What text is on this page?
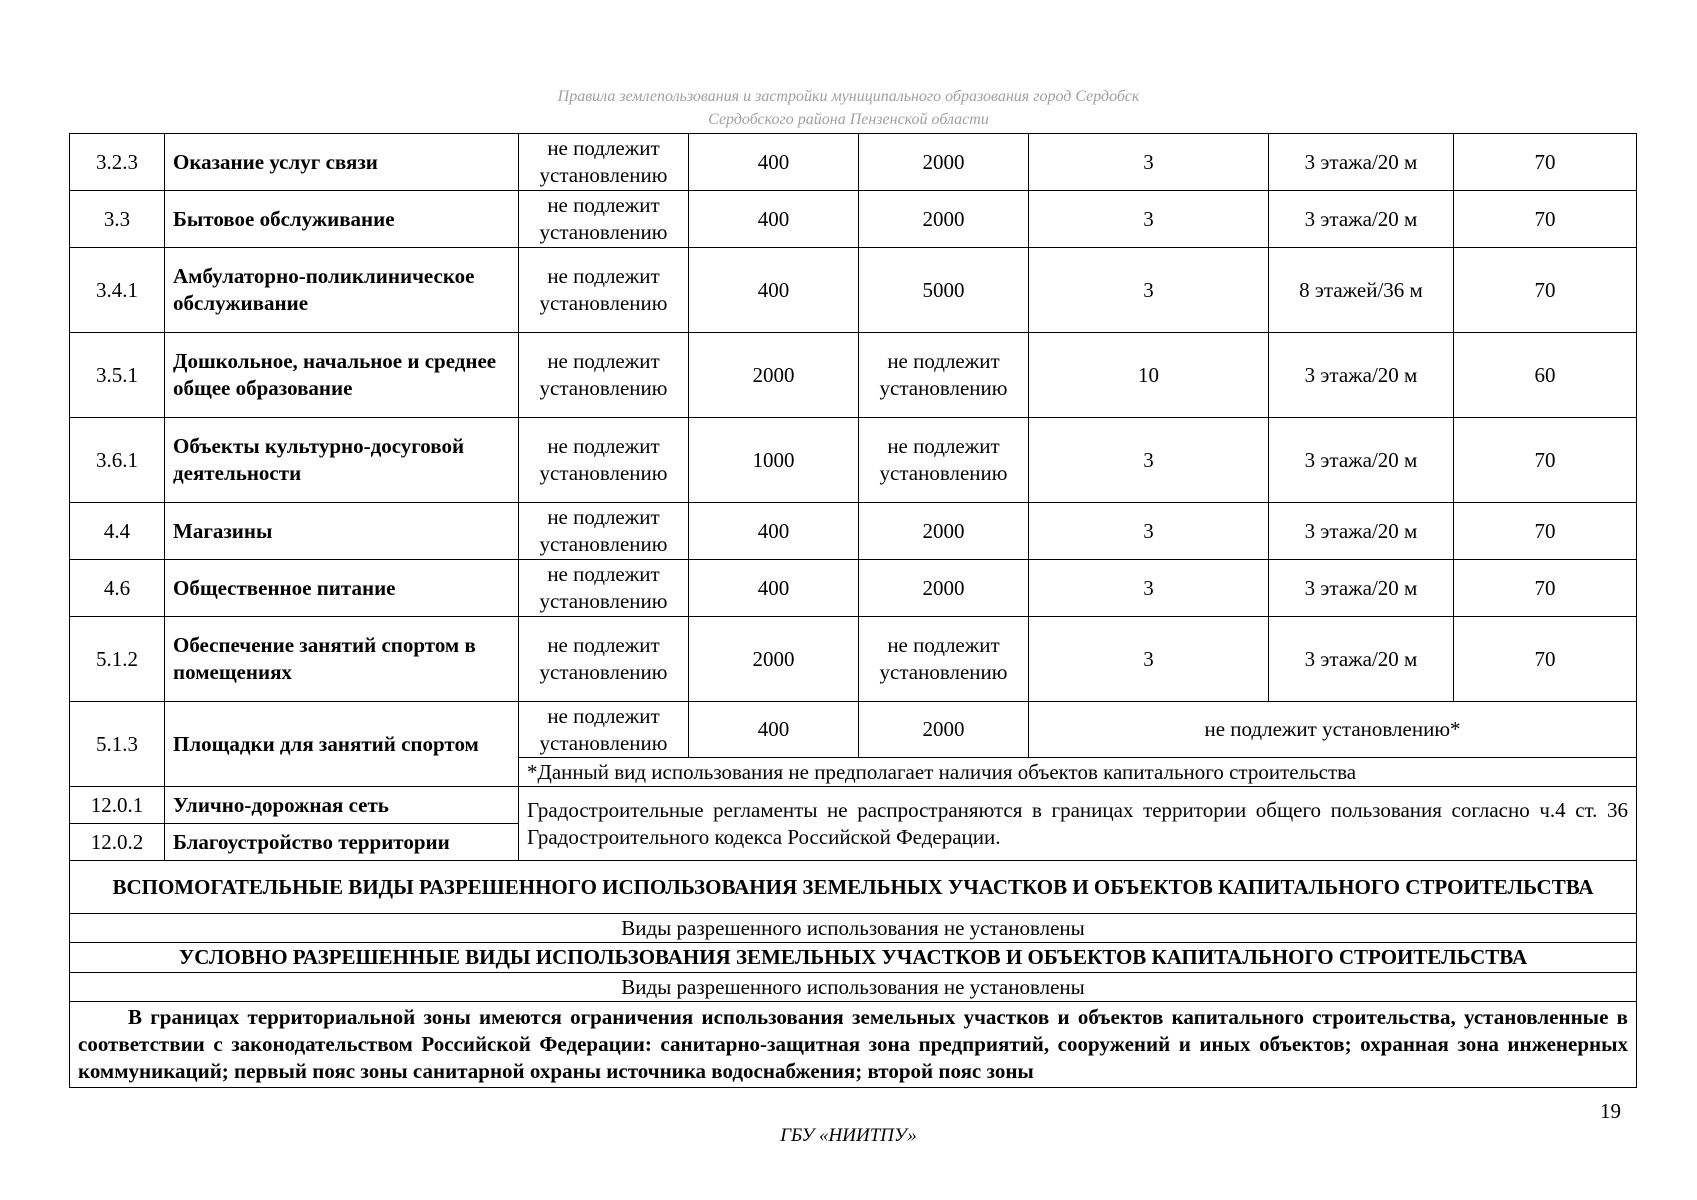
Правила землепользования и застройки муниципального образования город Сердобск
Сердобского района Пензенской области
3.2.3	Оказание услуг связи	не подлежит установлению	400	2000	3	3 этажа/20 м	70
3.3	Бытовое обслуживание	не подлежит установлению	400	2000	3	3 этажа/20 м	70
3.4.1	Амбулаторно-поликлиническое обслуживание	не подлежит установлению	400	5000	3	8 этажей/36 м	70
3.5.1	Дошкольное, начальное и среднее общее образование	не подлежит установлению	2000	не подлежит установлению	10	3 этажа/20 м	60
3.6.1	Объекты культурно-досуговой деятельности	не подлежит установлению	1000	не подлежит установлению	3	3 этажа/20 м	70
4.4	Магазины	не подлежит установлению	400	2000	3	3 этажа/20 м	70
4.6	Общественное питание	не подлежит установлению	400	2000	3	3 этажа/20 м	70
5.1.2	Обеспечение занятий спортом в помещениях	не подлежит установлению	2000	не подлежит установлению	3	3 этажа/20 м	70
5.1.3	Площадки для занятий спортом	не подлежит установлению	400	2000	не подлежит установлению*		
		*Данный вид использования не предполагает наличия объектов капитального строительства					
12.0.1	Улично-дорожная сеть	Градостроительные регламенты не распространяются в границах территории общего пользования согласно ч.4 ст. 36 Градостроительного кодекса Российской Федерации.					
12.0.2	Благоустройство территории						
ВСПОМОГАТЕЛЬНЫЕ ВИДЫ РАЗРЕШЕННОГО ИСПОЛЬЗОВАНИЯ ЗЕМЕЛЬНЫХ УЧАСТКОВ И ОБЪЕКТОВ КАПИТАЛЬНОГО СТРОИТЕЛЬСТВА							
Виды разрешенного использования не установлены							
УСЛОВНО РАЗРЕШЕННЫЕ ВИДЫ ИСПОЛЬЗОВАНИЯ ЗЕМЕЛЬНЫХ УЧАСТКОВ И ОБЪЕКТОВ КАПИТАЛЬНОГО СТРОИТЕЛЬСТВА							
Виды разрешенного использования не установлены							
В границах территориальной зоны имеются ограничения использования земельных участков и объектов капитального строительства, установленные в соответствии с законодательством Российской Федерации: санитарно-защитная зона предприятий, сооружений и иных объектов; охранная зона инженерных коммуникаций; первый пояс зоны санитарной охраны источника водоснабжения; второй пояс зоны							
19
ГБУ «НИИТПУ»
